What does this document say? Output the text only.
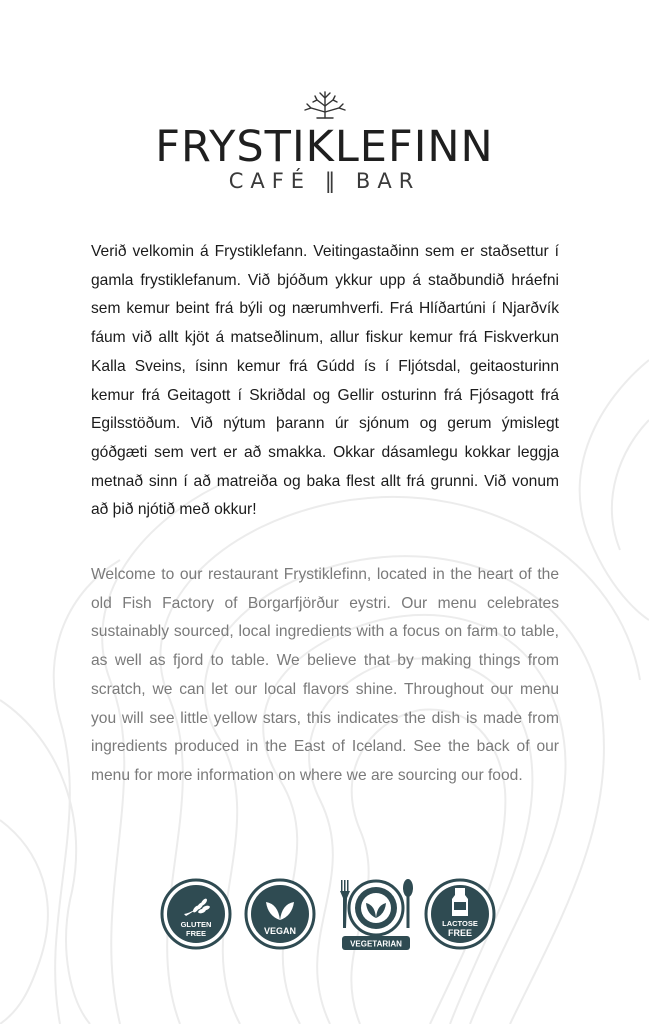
FRYSTIKLEFINN
CAFÉ ‖ BAR
Verið velkomin á Frystiklefann. Veitingastaðinn sem er staðsettur í gamla frystiklefanum. Við bjóðum ykkur upp á staðbundið hráefni sem kemur beint frá býli og nærumhverfi. Frá Hlíðartúni í Njarðvík fáum við allt kjöt á matseðlinum, allur fiskur kemur frá Fiskverkun Kalla Sveins, ísinn kemur frá Gúdd ís í Fljótsdal, geitaosturinn kemur frá Geitagott í Skriðdal og Gellir osturinn frá Fjósagott frá Egilsstöðum. Við nýtum þarann úr sjónum og gerum ýmislegt góðgæti sem vert er að smakka. Okkar dásamlegu kokkar leggja metnað sinn í að matreiða og baka flest allt frá grunni. Við vonum að þið njótið með okkur!
Welcome to our restaurant Frystiklefinn, located in the heart of the old Fish Factory of Borgarfjörður eystri. Our menu celebrates sustainably sourced, local ingredients with a focus on farm to table, as well as fjord to table. We believe that by making things from scratch, we can let our local flavors shine. Throughout our menu you will see little yellow stars, this indicates the dish is made from ingredients produced in the East of Iceland. See the back of our menu for more information on where we are sourcing our food.
GLUTEN
FREE	VEGAN
VEGETARIAN
LACTOSE
FREE
